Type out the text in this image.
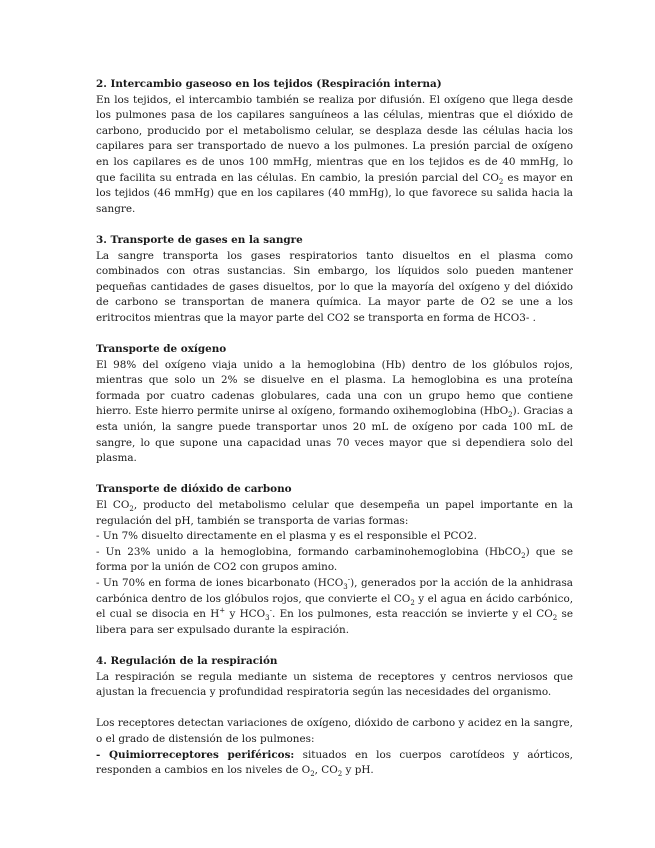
2. Intercambio gaseoso en los tejidos (Respiración interna)

En los tejidos, el intercambio también se realiza por difusión. El oxígeno que llega desde los pulmones pasa de los capilares sanguíneos a las células, mientras que el dióxido de carbono, producido por el metabolismo celular, se desplaza desde las células hacia los capilares para ser transportado de nuevo a los pulmones. La presión parcial de oxígeno en los capilares es de unos 100 mmHg, mientras que en los tejidos es de 40 mmHg, lo que facilita su entrada en las células. En cambio, la presión parcial del $CO_2$ es mayor en los tejidos (46 mmHg) que en los capilares (40 mmHg), lo que favorece su salida hacia la sangre.

3. Transporte de gases en la sangre

La sangre transporta los gases respiratorios tanto disueltos en el plasma como combinados con otras sustancias. Sin embargo, los líquidos solo pueden mantener pequeñas cantidades de gases disueltos, por lo que la mayoría del oxígeno y del dióxido de carbono se transportan de manera química. La mayor parte de O2 se une a los eritrocitos mientras que la mayor parte del CO2 se transporta en forma de HCO3- .

Transporte de oxígeno

El 98% del oxígeno viaja unido a la hemoglobina (Hb) dentro de los glóbulos rojos, mientras que solo un 2% se disuelve en el plasma. La hemoglobina es una proteína formada por cuatro cadenas globulares, cada una con un grupo hemo que contiene hierro. Este hierro permite unirse al oxígeno, formando oxihemoglobina (HbO$_2$). Gracias a esta unión, la sangre puede transportar unos 20 mL de oxígeno por cada 100 mL de sangre, lo que supone una capacidad unas 70 veces mayor que si dependiera solo del plasma.

Transporte de dióxido de carbono

El $CO_2$, producto del metabolismo celular que desempeña un papel importante en la regulación del pH, también se transporta de varias formas:

- Un 7% disuelto directamente en el plasma y es el responsible el PCO2.

- Un 23% unido a la hemoglobina, formando carbaminohemoglobina (HbCO$_2$) que se forma por la unión de CO2 con grupos amino.

- Un 70% en forma de iones bicarbonato $(HCO_3^-)$, generados por la acción de la anhidrasa carbónica dentro de los glóbulos rojos, que convierte el $CO_2$ y el agua en ácido carbónico, el cual se disocia en H+ y $HCO_3^-$. En los pulmones, esta reacción se invierte y el $CO_2$ se libera para ser expulsado durante la espiración.

4. Regulación de la respiración

La respiración se regula mediante un sistema de receptores y centros nerviosos que ajustan la frecuencia y profundidad respiratoria según las necesidades del organismo.

Los receptores detectan variaciones de oxígeno, dióxido de carbono y acidez en la sangre, o el grado de distensión de los pulmones:

- Quimiorreceptores periféricos: situados en los cuerpos carotídeos y aórticos, responden a cambios en los niveles de $O_2$, $CO_2$ y pH.
